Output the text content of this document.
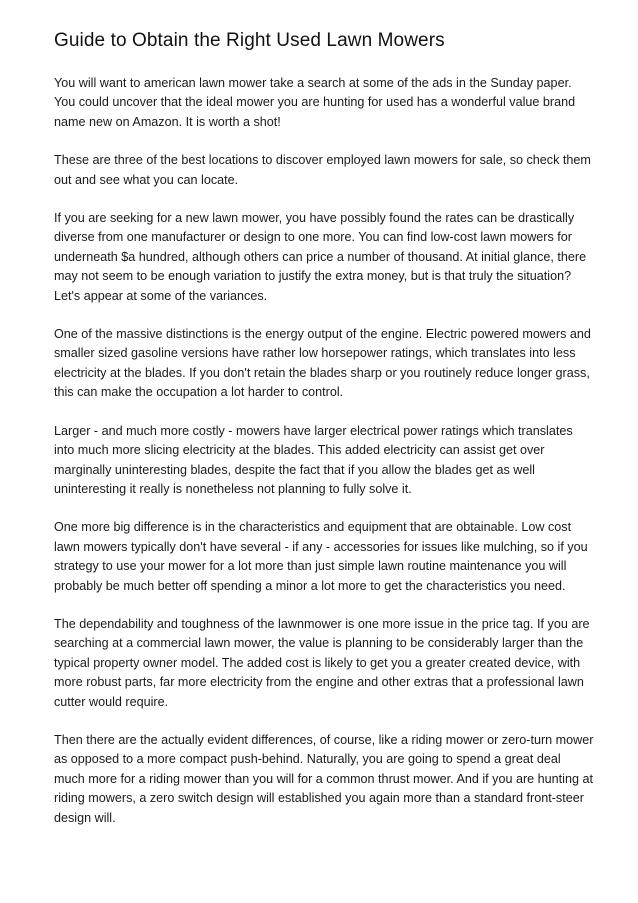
Guide to Obtain the Right Used Lawn Mowers

You will want to american lawn mower take a search at some of the ads in the Sunday paper. You could uncover that the ideal mower you are hunting for used has a wonderful value brand name new on Amazon. It is worth a shot!

These are three of the best locations to discover employed lawn mowers for sale, so check them out and see what you can locate.

If you are seeking for a new lawn mower, you have possibly found the rates can be drastically diverse from one manufacturer or design to one more. You can find low-cost lawn mowers for underneath $a hundred, although others can price a number of thousand. At initial glance, there may not seem to be enough variation to justify the extra money, but is that truly the situation? Let's appear at some of the variances.

One of the massive distinctions is the energy output of the engine. Electric powered mowers and smaller sized gasoline versions have rather low horsepower ratings, which translates into less electricity at the blades. If you don't retain the blades sharp or you routinely reduce longer grass, this can make the occupation a lot harder to control.

Larger - and much more costly - mowers have larger electrical power ratings which translates into much more slicing electricity at the blades. This added electricity can assist get over marginally uninteresting blades, despite the fact that if you allow the blades get as well uninteresting it really is nonetheless not planning to fully solve it.

One more big difference is in the characteristics and equipment that are obtainable. Low cost lawn mowers typically don't have several - if any - accessories for issues like mulching, so if you strategy to use your mower for a lot more than just simple lawn routine maintenance you will probably be much better off spending a minor a lot more to get the characteristics you need.

The dependability and toughness of the lawnmower is one more issue in the price tag. If you are searching at a commercial lawn mower, the value is planning to be considerably larger than the typical property owner model. The added cost is likely to get you a greater created device, with more robust parts, far more electricity from the engine and other extras that a professional lawn cutter would require.

Then there are the actually evident differences, of course, like a riding mower or zero-turn mower as opposed to a more compact push-behind. Naturally, you are going to spend a great deal much more for a riding mower than you will for a common thrust mower. And if you are hunting at riding mowers, a zero switch design will established you again more than a standard front-steer design will.
